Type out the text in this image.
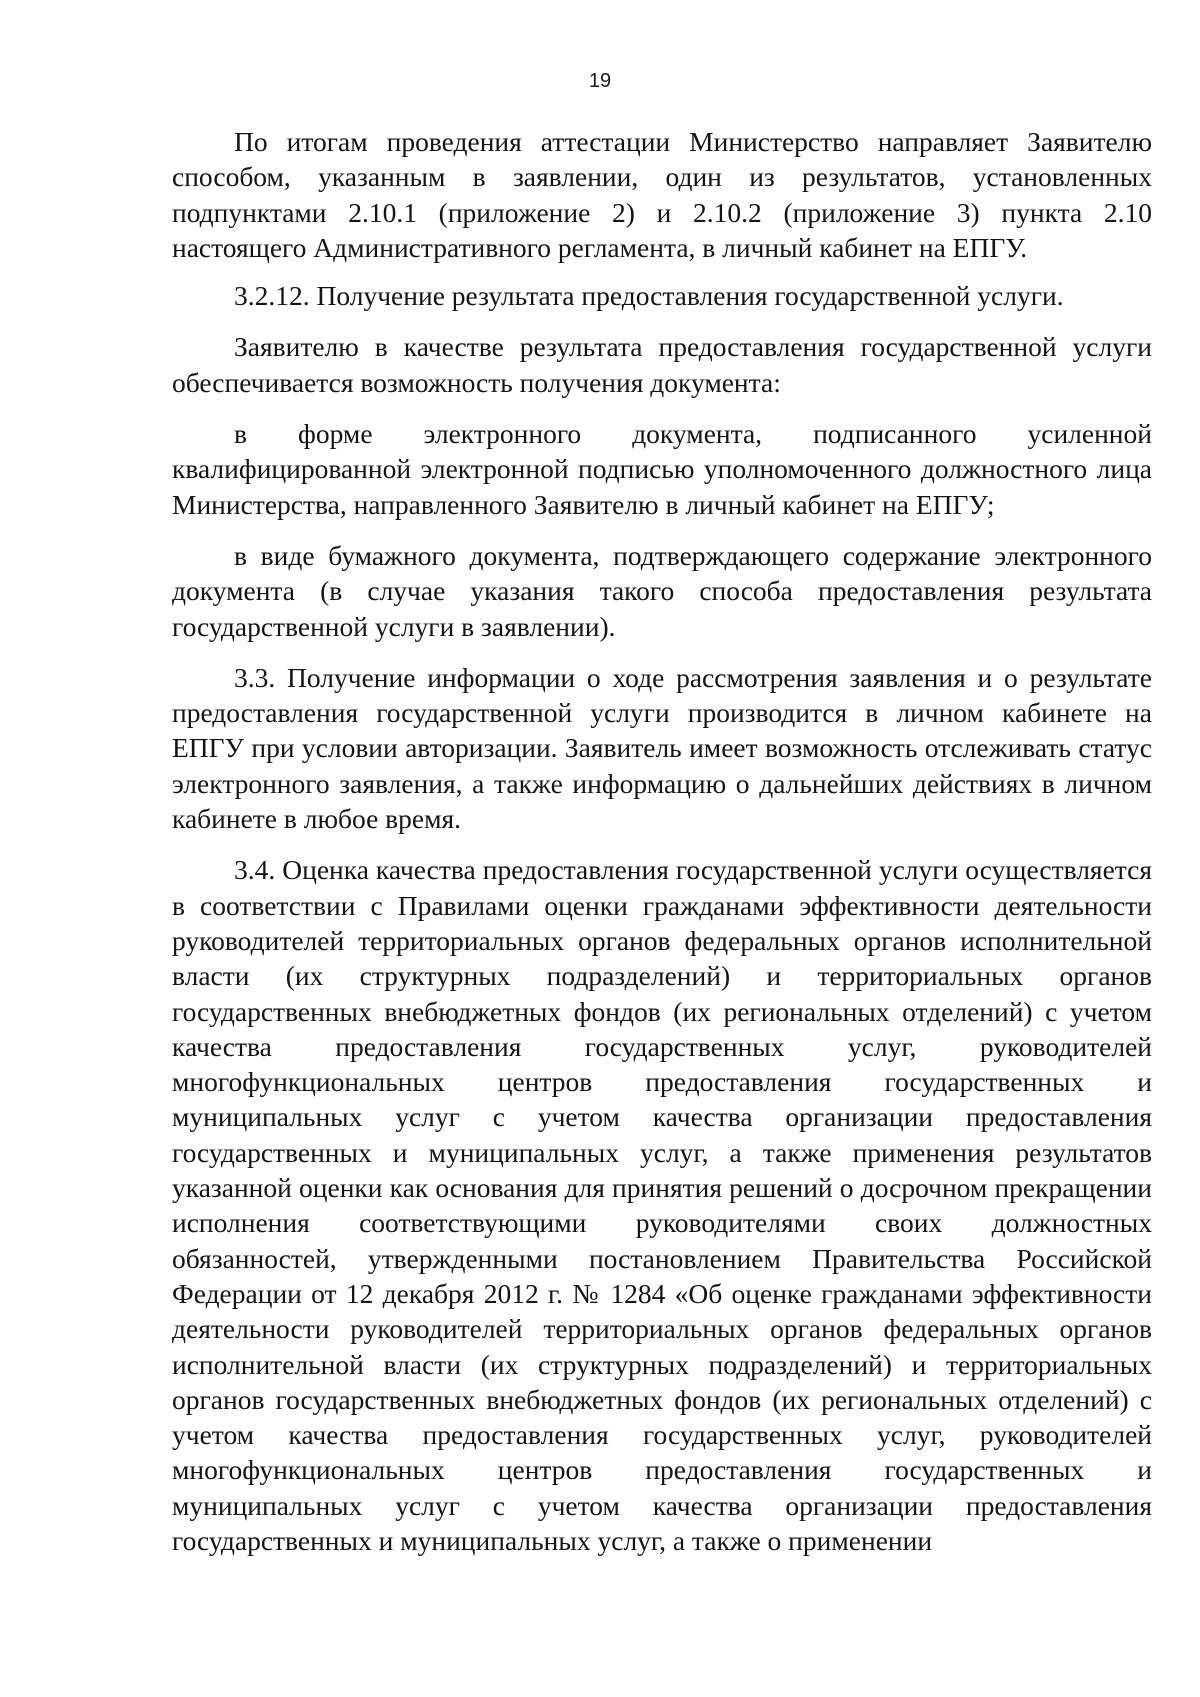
19

По итогам проведения аттестации Министерство направляет Заявителю способом, указанным в заявлении, один из результатов, установленных подпунктами 2.10.1 (приложение 2) и 2.10.2 (приложение 3) пункта 2.10 настоящего Административного регламента, в личный кабинет на ЕПГУ.

3.2.12. Получение результата предоставления государственной услуги.

Заявителю в качестве результата предоставления государственной услуги обеспечивается возможность получения документа:

в форме электронного документа, подписанного усиленной квалифицированной электронной подписью уполномоченного должностного лица Министерства, направленного Заявителю в личный кабинет на ЕПГУ;

в виде бумажного документа, подтверждающего содержание электронного документа (в случае указания такого способа предоставления результата государственной услуги в заявлении).

3.3. Получение информации о ходе рассмотрения заявления и о результате предоставления государственной услуги производится в личном кабинете на ЕПГУ при условии авторизации. Заявитель имеет возможность отслеживать статус электронного заявления, а также информацию о дальнейших действиях в личном кабинете в любое время.

3.4. Оценка качества предоставления государственной услуги осуществляется в соответствии с Правилами оценки гражданами эффективности деятельности руководителей территориальных органов федеральных органов исполнительной власти (их структурных подразделений) и территориальных органов государственных внебюджетных фондов (их региональных отделений) с учетом качества предоставления государственных услуг, руководителей многофункциональных центров предоставления государственных и муниципальных услуг с учетом качества организации предоставления государственных и муниципальных услуг, а также применения результатов указанной оценки как основания для принятия решений о досрочном прекращении исполнения соответствующими руководителями своих должностных обязанностей, утвержденными постановлением Правительства Российской Федерации от 12 декабря 2012 г. № 1284 «Об оценке гражданами эффективности деятельности руководителей территориальных органов федеральных органов исполнительной власти (их структурных подразделений) и территориальных органов государственных внебюджетных фондов (их региональных отделений) с учетом качества предоставления государственных услуг, руководителей многофункциональных центров предоставления государственных и муниципальных услуг с учетом качества организации предоставления государственных и муниципальных услуг, а также о применении
